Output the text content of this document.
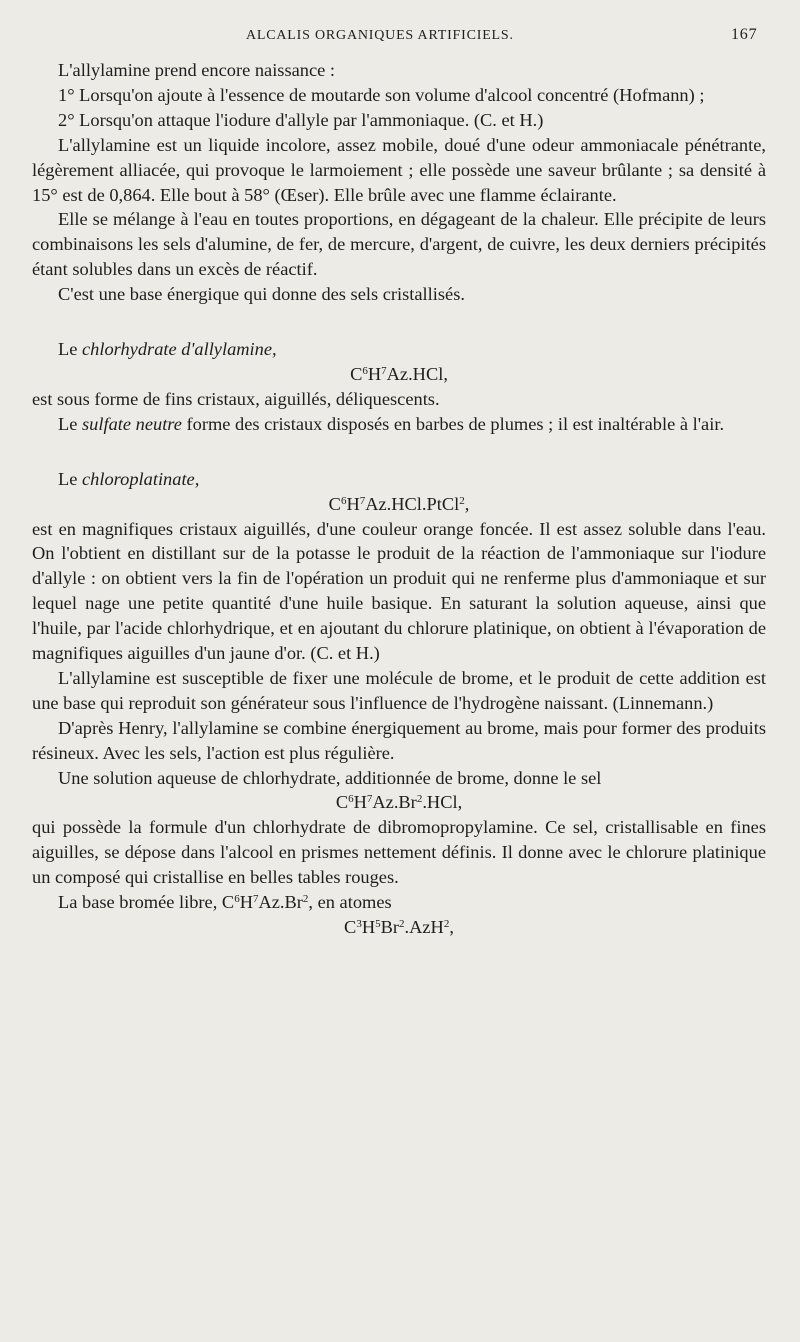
ALCALIS ORGANIQUES ARTIFICIELS.	167

L'allylamine prend encore naissance :

1° Lorsqu'on ajoute à l'essence de moutarde son volume d'alcool concentré (Hofmann) ;

2° Lorsqu'on attaque l'iodure d'allyle par l'ammoniaque. (C. et H.)

L'allylamine est un liquide incolore, assez mobile, doué d'une odeur ammoniacale pénétrante, légèrement alliacée, qui provoque le larmoiement ; elle possède une saveur brûlante ; sa densité à 15° est de 0,864. Elle bout à 58° (Œser). Elle brûle avec une flamme éclairante.

Elle se mélange à l'eau en toutes proportions, en dégageant de la chaleur. Elle précipite de leurs combinaisons les sels d'alumine, de fer, de mercure, d'argent, de cuivre, les deux derniers précipités étant solubles dans un excès de réactif.

C'est une base énergique qui donne des sels cristallisés.

Le chlorhydrate d'allylamine,

$C^6H^7Az.HCl$,

est sous forme de fins cristaux, aiguillés, déliquescents.

Le sulfate neutre forme des cristaux disposés en barbes de plumes ; il est inaltérable à l'air.

Le chloroplatinate,

$C^6H^7Az.HCl.PtCl^2$,

est en magnifiques cristaux aiguillés, d'une couleur orange foncée. Il est assez soluble dans l'eau. On l'obtient en distillant sur de la potasse le produit de la réaction de l'ammoniaque sur l'iodure d'allyle : on obtient vers la fin de l'opération un produit qui ne renferme plus d'ammoniaque et sur lequel nage une petite quantité d'une huile basique. En saturant la solution aqueuse, ainsi que l'huile, par l'acide chlorhydrique, et en ajoutant du chlorure platinique, on obtient à l'évaporation de magnifiques aiguilles d'un jaune d'or. (C. et H.)

L'allylamine est susceptible de fixer une molécule de brome, et le produit de cette addition est une base qui reproduit son générateur sous l'influence de l'hydrogène naissant. (Linnemann.)

D'après Henry, l'allylamine se combine énergiquement au brome, mais pour former des produits résineux. Avec les sels, l'action est plus régulière.

Une solution aqueuse de chlorhydrate, additionnée de brome, donne le sel

$C^6H^7Az.Br^2.HCl$,

qui possède la formule d'un chlorhydrate de dibromopropylamine. Ce sel, cristallisable en fines aiguilles, se dépose dans l'alcool en prismes nettement définis. Il donne avec le chlorure platinique un composé qui cristallise en belles tables rouges.

La base bromée libre, $C^6H^7Az.Br^2$, en atomes

$C^3H^5Br^2.AzH^2$,
